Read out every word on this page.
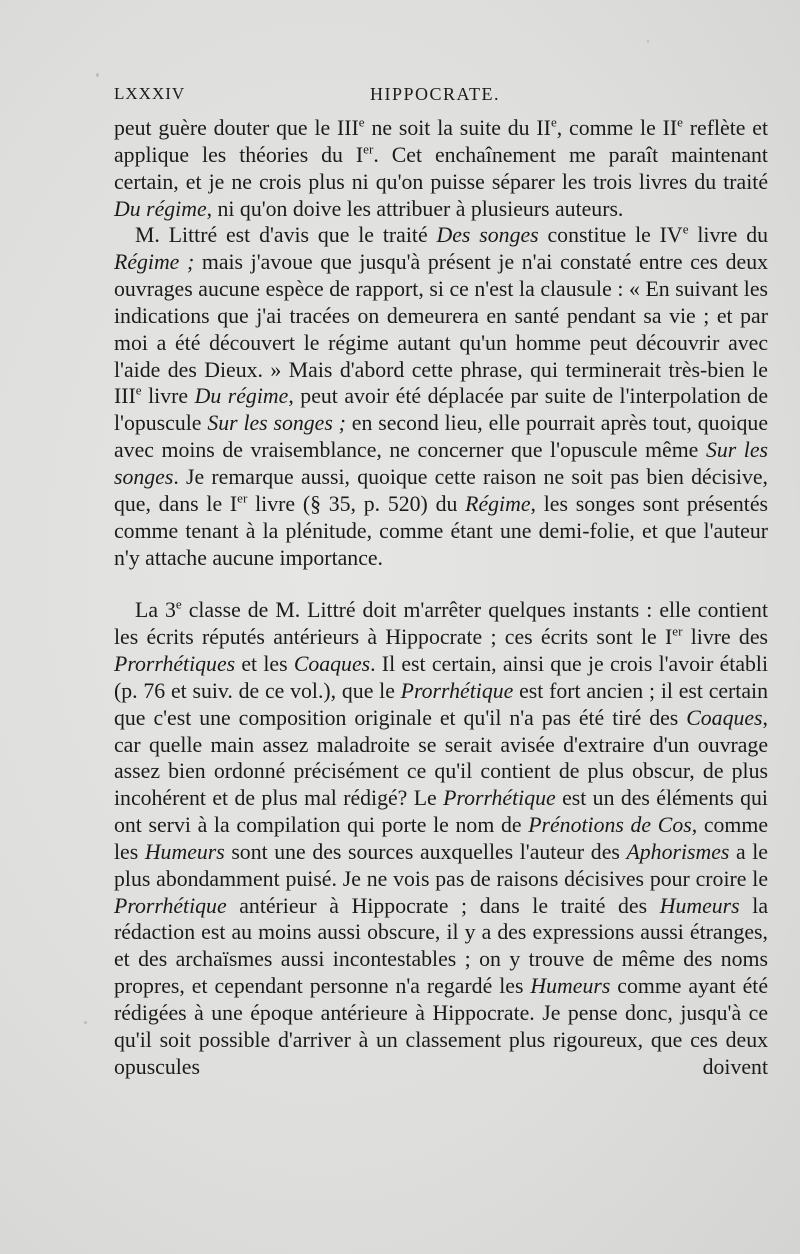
LXXXIV	HIPPOCRATE.

peut guère douter que le IIIe ne soit la suite du IIe, comme le IIe reflète et applique les théories du Ier. Cet enchaînement me paraît maintenant certain, et je ne crois plus ni qu'on puisse séparer les trois livres du traité Du régime, ni qu'on doive les attribuer à plusieurs auteurs.

M. Littré est d'avis que le traité Des songes constitue le IVe livre du Régime ; mais j'avoue que jusqu'à présent je n'ai constaté entre ces deux ouvrages aucune espèce de rapport, si ce n'est la clausule : « En suivant les indications que j'ai tracées on demeurera en santé pendant sa vie ; et par moi a été découvert le régime autant qu'un homme peut découvrir avec l'aide des Dieux. » Mais d'abord cette phrase, qui terminerait très-bien le IIIe livre Du régime, peut avoir été déplacée par suite de l'interpolation de l'opuscule Sur les songes ; en second lieu, elle pourrait après tout, quoique avec moins de vraisemblance, ne concerner que l'opuscule même Sur les songes. Je remarque aussi, quoique cette raison ne soit pas bien décisive, que, dans le Ier livre (§ 35, p. 520) du Régime, les songes sont présentés comme tenant à la plénitude, comme étant une demi-folie, et que l'auteur n'y attache aucune importance.

La 3e classe de M. Littré doit m'arrêter quelques instants : elle contient les écrits réputés antérieurs à Hippocrate ; ces écrits sont le Ier livre des Prorrhétiques et les Coaques. Il est certain, ainsi que je crois l'avoir établi (p. 76 et suiv. de ce vol.), que le Prorrhétique est fort ancien ; il est certain que c'est une composition originale et qu'il n'a pas été tiré des Coaques, car quelle main assez maladroite se serait avisée d'extraire d'un ouvrage assez bien ordonné précisément ce qu'il contient de plus obscur, de plus incohérent et de plus mal rédigé? Le Prorrhétique est un des éléments qui ont servi à la compilation qui porte le nom de Prénotions de Cos, comme les Humeurs sont une des sources auxquelles l'auteur des Aphorismes a le plus abondamment puisé. Je ne vois pas de raisons décisives pour croire le Prorrhétique antérieur à Hippocrate ; dans le traité des Humeurs la rédaction est au moins aussi obscure, il y a des expressions aussi étranges, et des archaïsmes aussi incontestables ; on y trouve de même des noms propres, et cependant personne n'a regardé les Humeurs comme ayant été rédigées à une époque antérieure à Hippocrate. Je pense donc, jusqu'à ce qu'il soit possible d'arriver à un classement plus rigoureux, que ces deux opuscules doivent
